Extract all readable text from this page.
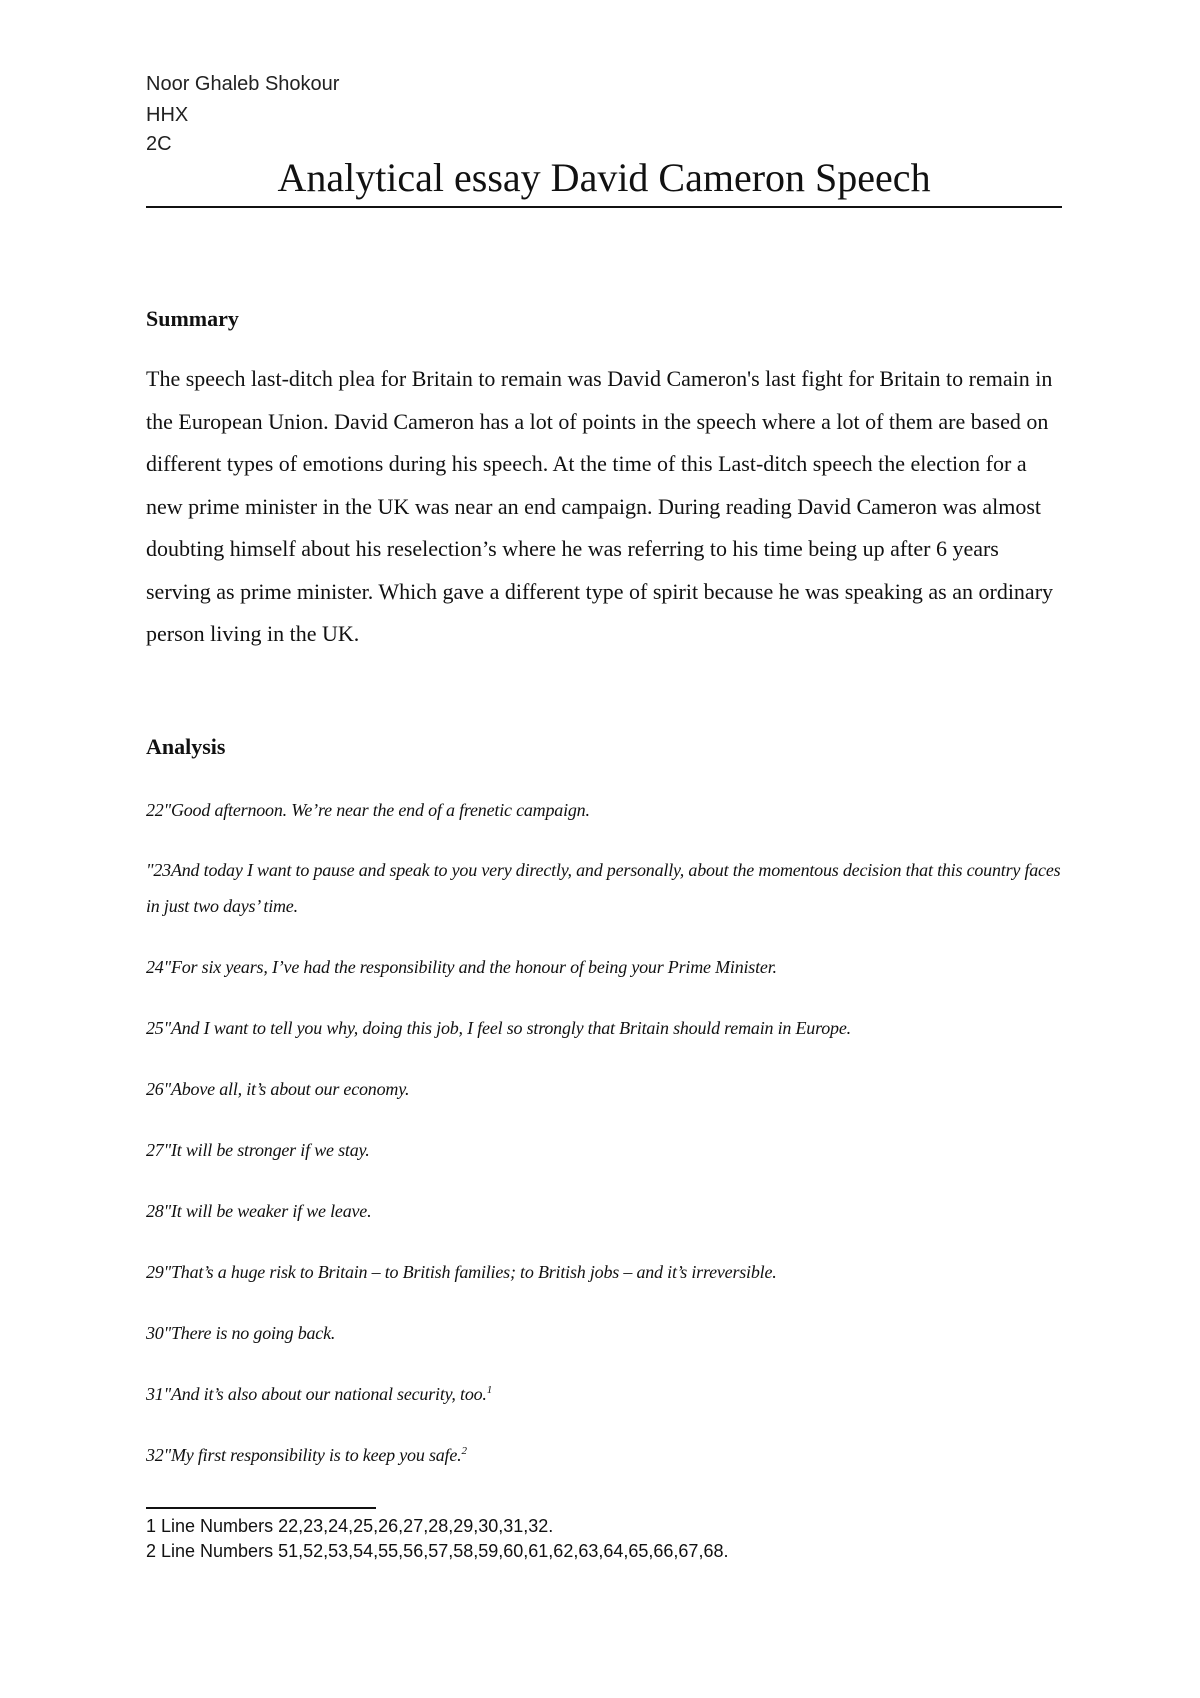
Noor Ghaleb Shokour
HHX
2C
Analytical essay David Cameron Speech
Summary
The speech last-ditch plea for Britain to remain was David Cameron's last fight for Britain to remain in the European Union. David Cameron has a lot of points in the speech where a lot of them are based on different types of emotions during his speech. At the time of this Last-ditch speech the election for a new prime minister in the UK was near an end campaign. During reading David Cameron was almost doubting himself about his reselection’s where he was referring to his time being up after 6 years serving as prime minister. Which gave a different type of spirit because he was speaking as an ordinary person living in the UK.
Analysis
22"Good afternoon. We’re near the end of a frenetic campaign.
"23And today I want to pause and speak to you very directly, and personally, about the momentous decision that this country faces in just two days’ time.
24"For six years, I’ve had the responsibility and the honour of being your Prime Minister.
25"And I want to tell you why, doing this job, I feel so strongly that Britain should remain in Europe.
26"Above all, it’s about our economy.
27"It will be stronger if we stay.
28"It will be weaker if we leave.
29"That’s a huge risk to Britain – to British families; to British jobs – and it’s irreversible.
30"There is no going back.
31"And it’s also about our national security, too.$^1$
32"My first responsibility is to keep you safe.$^2$
1 Line Numbers 22,23,24,25,26,27,28,29,30,31,32.
2 Line Numbers 51,52,53,54,55,56,57,58,59,60,61,62,63,64,65,66,67,68.
